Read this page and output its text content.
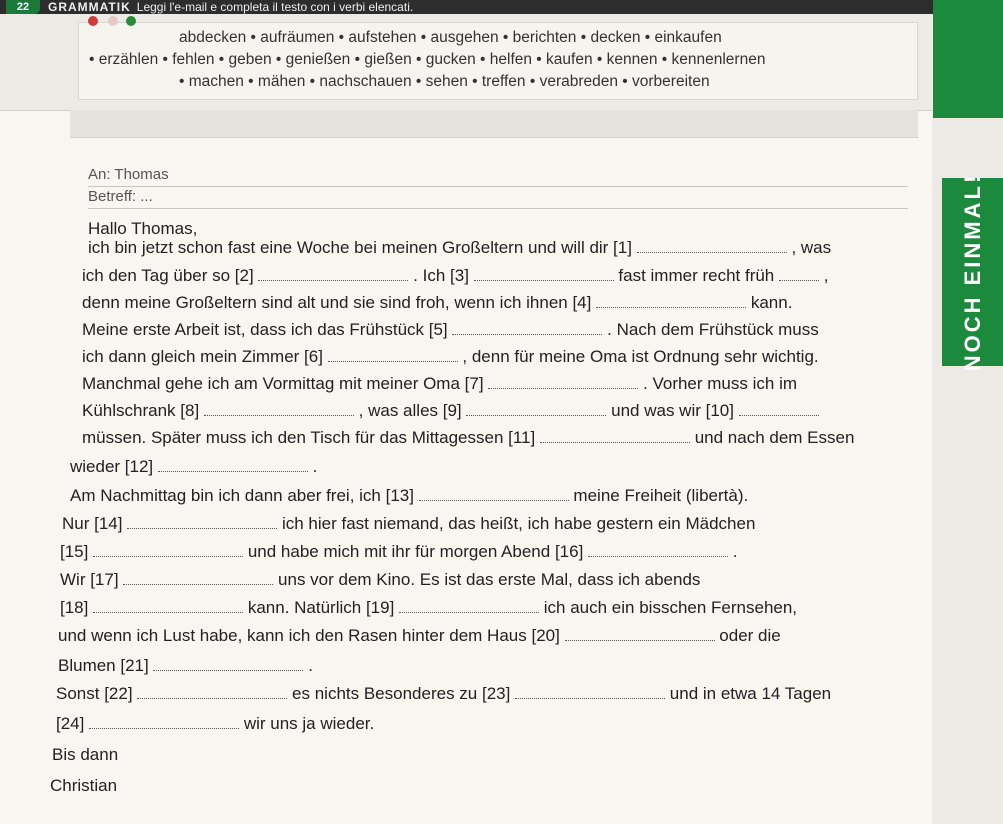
22	GRAMMATIK Leggi l'e-mail e completa il testo con i verbi elencati.
NOCH EINMAL!
abdecken • aufräumen • aufstehen • ausgehen • berichten • decken • einkaufen
• erzählen • fehlen • geben • genießen • gießen • gucken • helfen • kaufen • kennen • kennenlernen
• machen • mähen • nachschauen • sehen • treffen • verabreden • vorbereiten
An: Thomas
Betreff: ...
Hallo Thomas,
ich bin jetzt schon fast eine Woche bei meinen Großeltern und will dir [1]	, was
ich den Tag über so [2]	. Ich [3]	fast immer recht früh	,
denn meine Großeltern sind alt und sie sind froh, wenn ich ihnen [4]	kann.
Meine erste Arbeit ist, dass ich das Frühstück [5]	. Nach dem Frühstück muss
ich dann gleich mein Zimmer [6]	, denn für meine Oma ist Ordnung sehr wichtig.
Manchmal gehe ich am Vormittag mit meiner Oma [7]	. Vorher muss ich im
Kühlschrank [8]	, was alles [9]	und was wir [10]
müssen. Später muss ich den Tisch für das Mittagessen [11]	und nach dem Essen
wieder [12]	.
Am Nachmittag bin ich dann aber frei, ich [13]	meine Freiheit (libertà).
Nur [14]	ich hier fast niemand, das heißt, ich habe gestern ein Mädchen
[15]	und habe mich mit ihr für morgen Abend [16]	.
Wir [17]	uns vor dem Kino. Es ist das erste Mal, dass ich abends
[18]	kann. Natürlich [19]	ich auch ein bisschen Fernsehen,
und wenn ich Lust habe, kann ich den Rasen hinter dem Haus [20]	oder die
Blumen [21]	.
Sonst [22]	es nichts Besonderes zu [23]	und in etwa 14 Tagen
[24]	wir uns ja wieder.
Bis dann
Christian
